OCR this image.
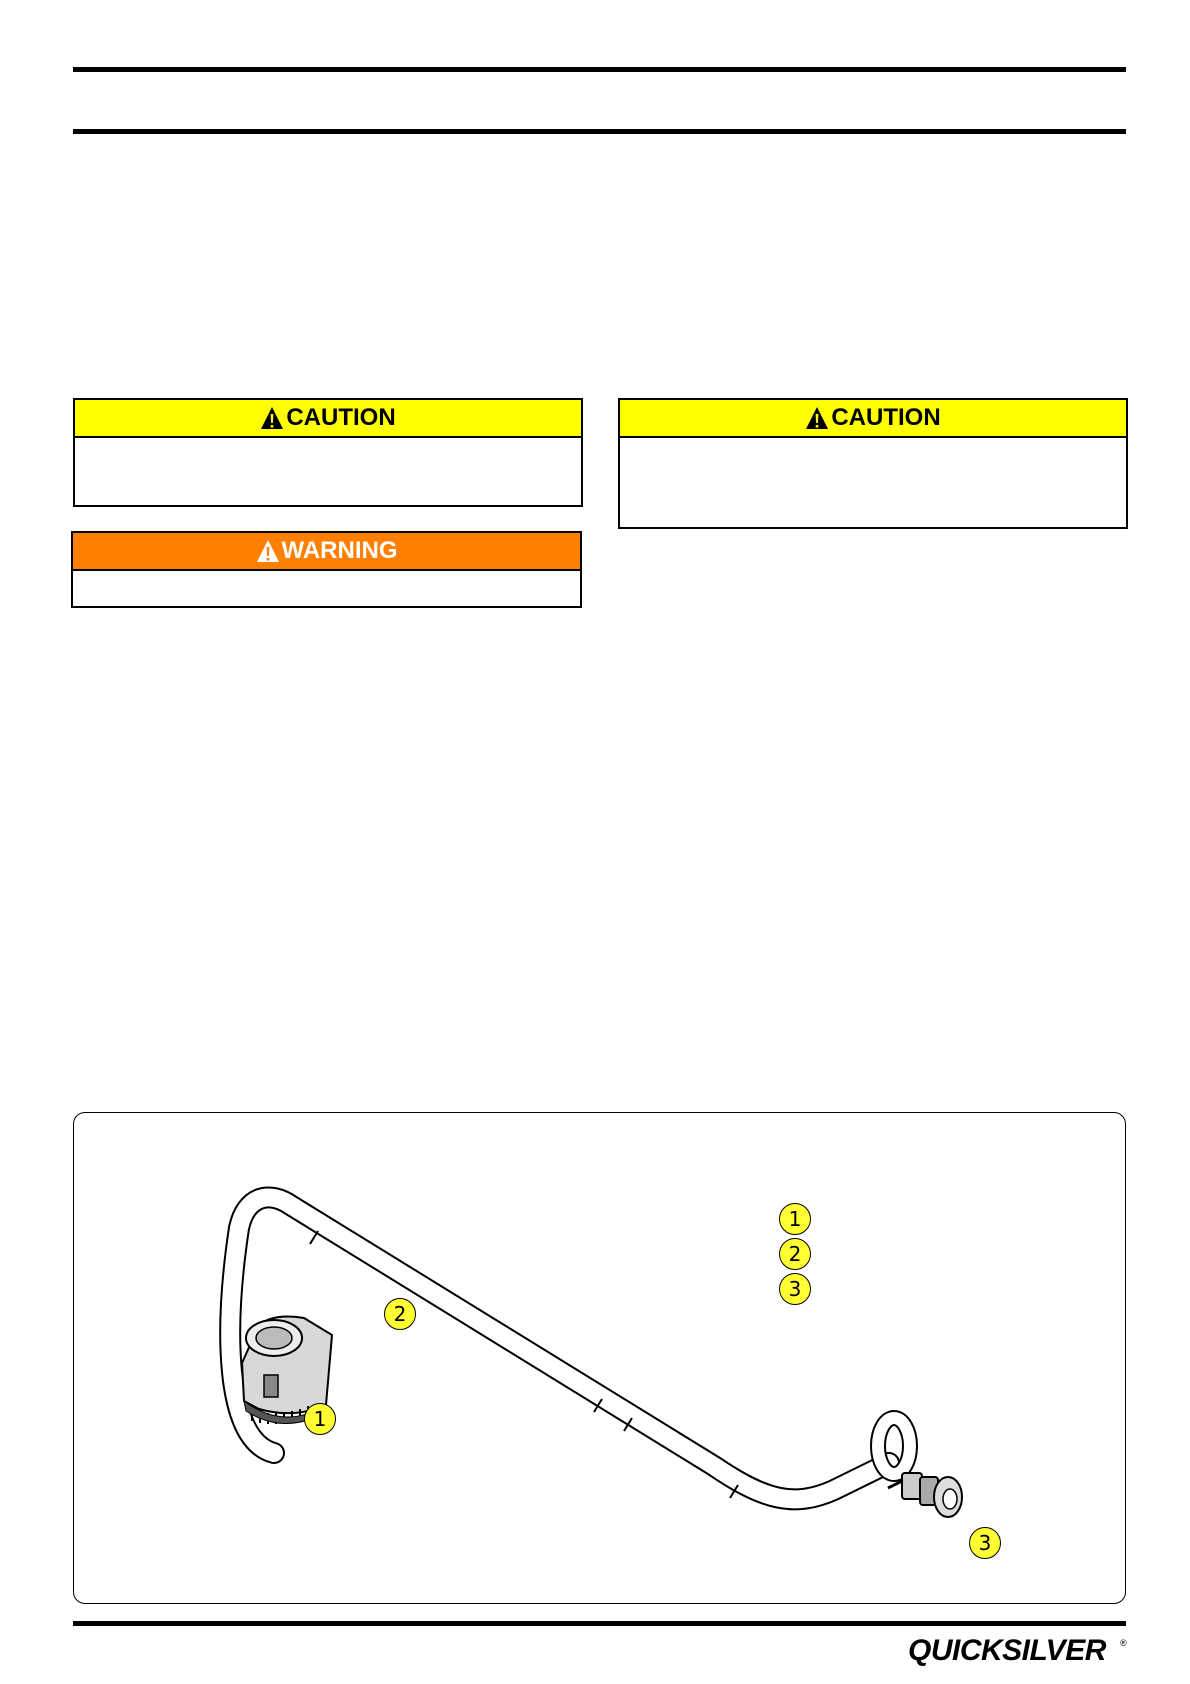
CAUTION	CAUTION
WARNING
1
2
3
1
2
3
QUICKSILVER ®
